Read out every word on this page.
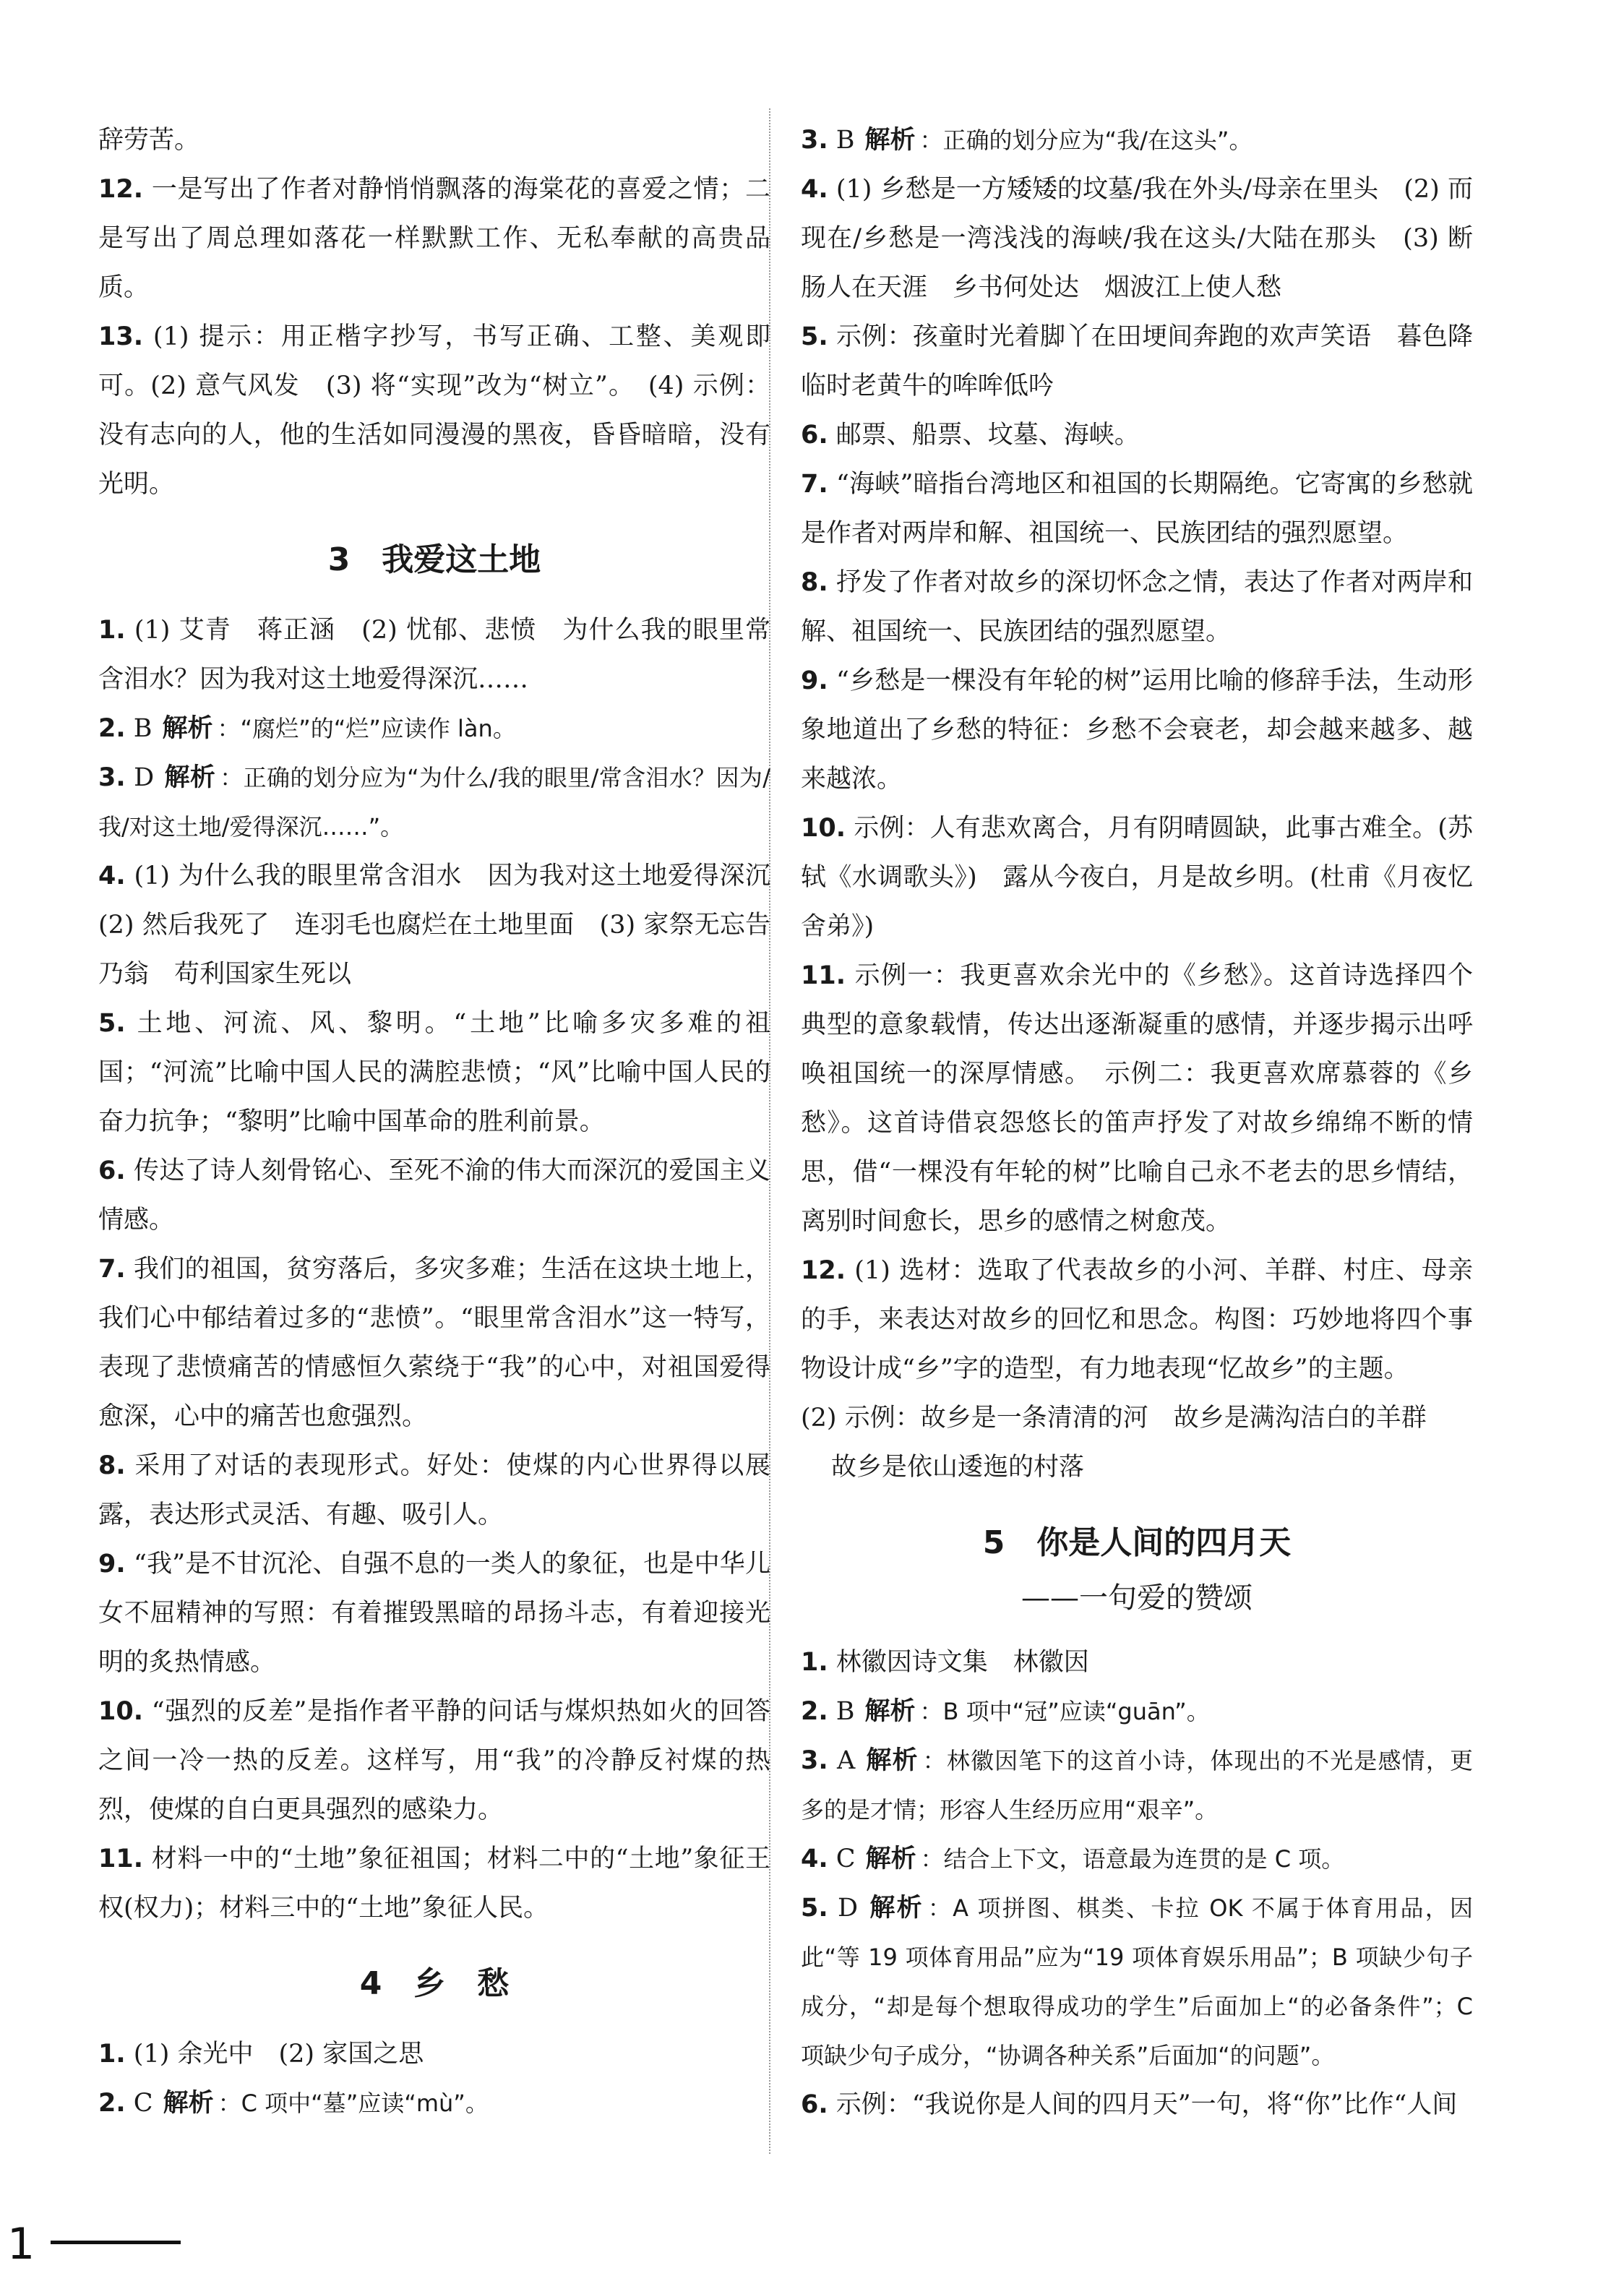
辞劳苦。

12. 一是写出了作者对静悄悄飘落的海棠花的喜爱之情；二是写出了周总理如落花一样默默工作、无私奉献的高贵品质。

13. (1) 提示：用正楷字抄写，书写正确、工整、美观即可。(2) 意气风发　(3) 将“实现”改为“树立”。　(4) 示例：没有志向的人，他的生活如同漫漫的黑夜，昏昏暗暗，没有光明。

3　我爱这土地

1. (1) 艾青　蒋正涵　(2) 忧郁、悲愤　为什么我的眼里常含泪水？因为我对这土地爱得深沉……

2. B 解析 ：“腐烂”的“烂”应读作 làn。

3. D 解析 ：正确的划分应为“为什么/我的眼里/常含泪水？因为/我/对这土地/爱得深沉……”。

4. (1) 为什么我的眼里常含泪水　因为我对这土地爱得深沉　(2) 然后我死了　连羽毛也腐烂在土地里面　(3) 家祭无忘告乃翁　苟利国家生死以

5. 土地、河流、风、黎明。“土地”比喻多灾多难的祖国；“河流”比喻中国人民的满腔悲愤；“风”比喻中国人民的奋力抗争；“黎明”比喻中国革命的胜利前景。

6. 传达了诗人刻骨铭心、至死不渝的伟大而深沉的爱国主义情感。

7. 我们的祖国，贫穷落后，多灾多难；生活在这块土地上，我们心中郁结着过多的“悲愤”。“眼里常含泪水”这一特写，表现了悲愤痛苦的情感恒久萦绕于“我”的心中，对祖国爱得愈深，心中的痛苦也愈强烈。

8. 采用了对话的表现形式。好处：使煤的内心世界得以展露，表达形式灵活、有趣、吸引人。

9. “我”是不甘沉沦、自强不息的一类人的象征，也是中华儿女不屈精神的写照：有着摧毁黑暗的昂扬斗志，有着迎接光明的炙热情感。

10. “强烈的反差”是指作者平静的问话与煤炽热如火的回答之间一冷一热的反差。这样写，用“我”的冷静反衬煤的热烈，使煤的自白更具强烈的感染力。

11. 材料一中的“土地”象征祖国；材料二中的“土地”象征王权(权力)；材料三中的“土地”象征人民。

4　乡　愁

1. (1) 余光中　(2) 家国之思

2. C 解析 ：C 项中“墓”应读“mù”。

3. B 解析 ：正确的划分应为“我/在这头”。

4. (1) 乡愁是一方矮矮的坟墓/我在外头/母亲在里头　(2) 而现在/乡愁是一湾浅浅的海峡/我在这头/大陆在那头　(3) 断肠人在天涯　乡书何处达　烟波江上使人愁

5. 示例：孩童时光着脚丫在田埂间奔跑的欢声笑语　暮色降临时老黄牛的哞哞低吟

6. 邮票、船票、坟墓、海峡。

7. “海峡”暗指台湾地区和祖国的长期隔绝。它寄寓的乡愁就是作者对两岸和解、祖国统一、民族团结的强烈愿望。

8. 抒发了作者对故乡的深切怀念之情，表达了作者对两岸和解、祖国统一、民族团结的强烈愿望。

9. “乡愁是一棵没有年轮的树”运用比喻的修辞手法，生动形象地道出了乡愁的特征：乡愁不会衰老，却会越来越多、越来越浓。

10. 示例：人有悲欢离合，月有阴晴圆缺，此事古难全。(苏轼《水调歌头》)　露从今夜白，月是故乡明。(杜甫《月夜忆舍弟》)

11. 示例一：我更喜欢余光中的《乡愁》。这首诗选择四个典型的意象载情，传达出逐渐凝重的感情，并逐步揭示出呼唤祖国统一的深厚情感。　示例二：我更喜欢席慕蓉的《乡愁》。这首诗借哀怨悠长的笛声抒发了对故乡绵绵不断的情思，借“一棵没有年轮的树”比喻自己永不老去的思乡情结，离别时间愈长，思乡的感情之树愈茂。

12. (1) 选材：选取了代表故乡的小河、羊群、村庄、母亲的手，来表达对故乡的回忆和思念。构图：巧妙地将四个事物设计成“乡”字的造型，有力地表现“忆故乡”的主题。

(2) 示例：故乡是一条清清的河　故乡是满沟洁白的羊群

故乡是依山逶迤的村落

5　你是人间的四月天
——一句爱的赞颂

1. 林徽因诗文集　林徽因

2. B 解析 ：B 项中“冠”应读“guān”。

3. A 解析 ：林徽因笔下的这首小诗，体现出的不光是感情，更多的是才情；形容人生经历应用“艰辛”。

4. C 解析 ：结合上下文，语意最为连贯的是 C 项。

5. D 解析 ：A 项拼图、棋类、卡拉 OK 不属于体育用品，因此“等 19 项体育用品”应为“19 项体育娱乐用品”；B 项缺少句子成分，“却是每个想取得成功的学生”后面加上“的必备条件”；C 项缺少句子成分，“协调各种关系”后面加“的问题”。

6. 示例：“我说你是人间的四月天”一句，将“你”比作“人间

1
